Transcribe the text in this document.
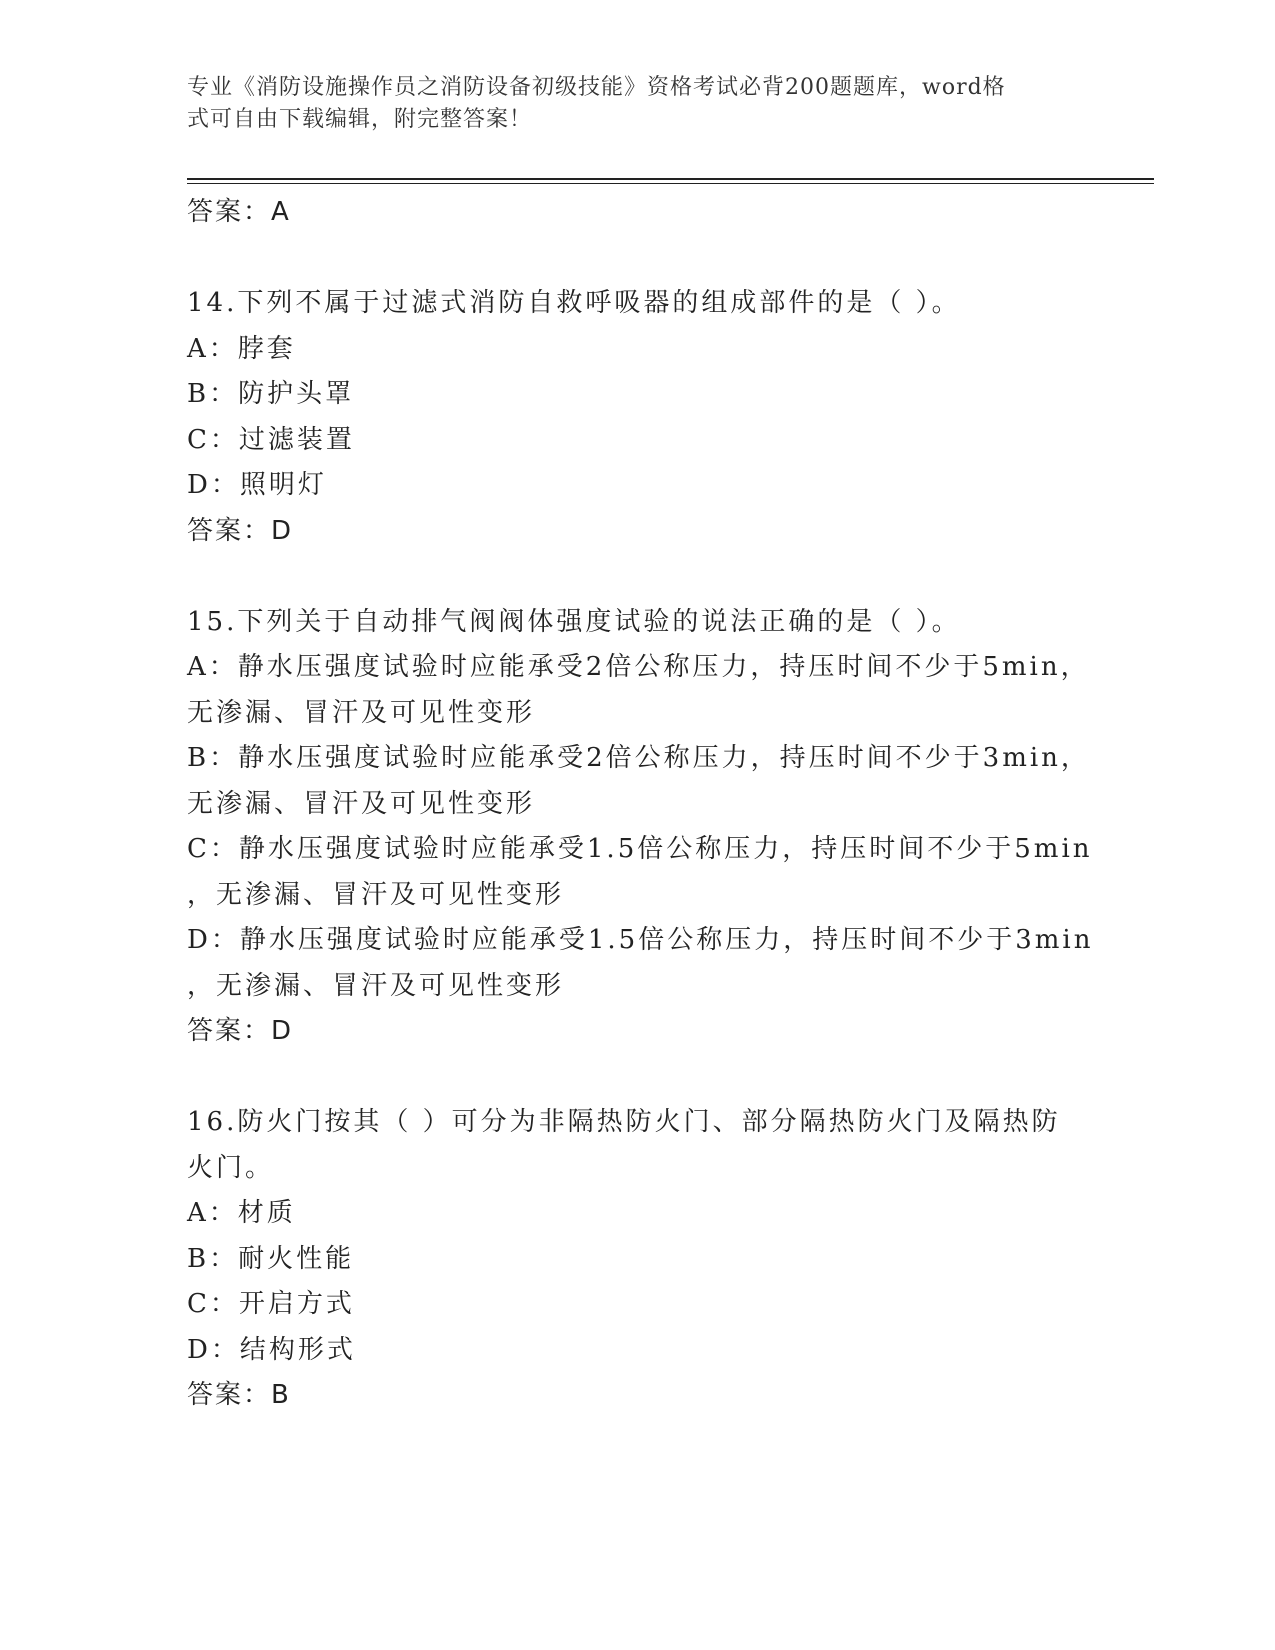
专业《消防设施操作员之消防设备初级技能》资格考试必背200题题库，word格
式可自由下载编辑，附完整答案！
答案：A
14.下列不属于过滤式消防自救呼吸器的组成部件的是（ ）。
A：脖套
B：防护头罩
C：过滤装置
D：照明灯
答案：D
15.下列关于自动排气阀阀体强度试验的说法正确的是（ ）。
A：静水压强度试验时应能承受2倍公称压力，持压时间不少于5min，
无渗漏、冒汗及可见性变形
B：静水压强度试验时应能承受2倍公称压力，持压时间不少于3min，
无渗漏、冒汗及可见性变形
C：静水压强度试验时应能承受1.5倍公称压力，持压时间不少于5min
，无渗漏、冒汗及可见性变形
D：静水压强度试验时应能承受1.5倍公称压力，持压时间不少于3min
，无渗漏、冒汗及可见性变形
答案：D
16.防火门按其（ ）可分为非隔热防火门、部分隔热防火门及隔热防
火门。
A：材质
B：耐火性能
C：开启方式
D：结构形式
答案：B
